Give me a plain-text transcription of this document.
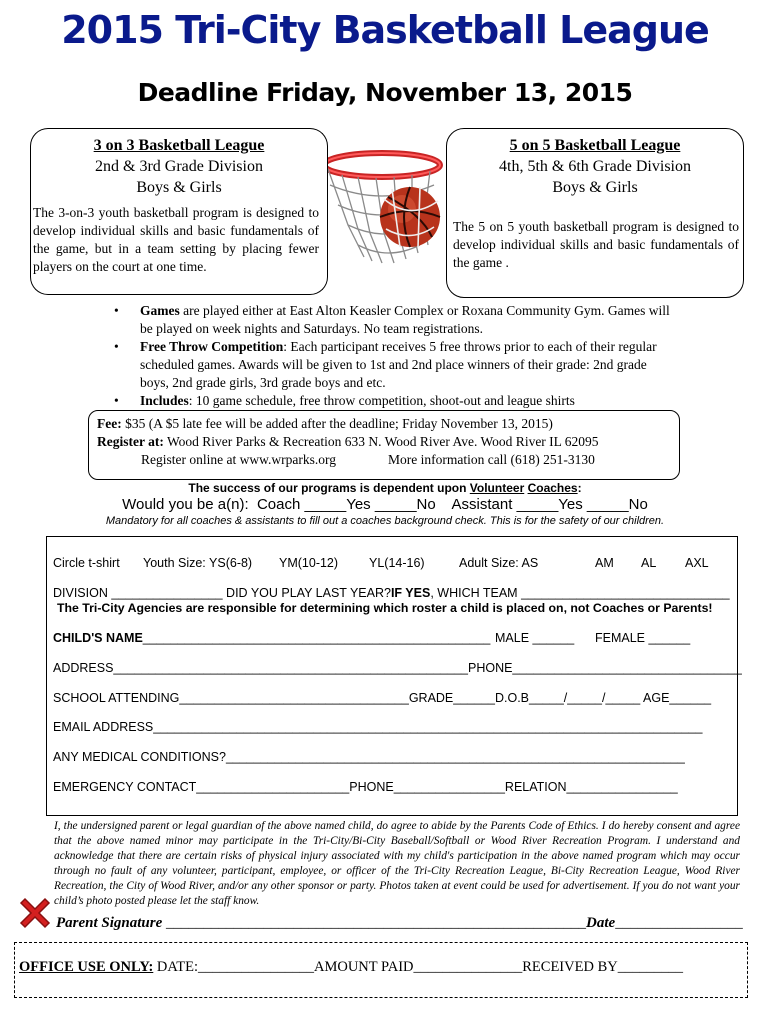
2015 Tri-City Basketball League
Deadline Friday, November 13, 2015
3 on 3 Basketball League
2nd & 3rd Grade Division
Boys & Girls
The 3-on-3 youth basketball program is designed to develop individual skills and basic fundamentals of the game, but in a team setting by placing fewer players on the court at one time.
5 on 5 Basketball League
4th, 5th & 6th Grade Division
Boys & Girls
The 5 on 5 youth basketball program is designed to develop individual skills and basic fundamentals of the game .
• Games are played either at East Alton Keasler Complex or Roxana Community Gym. Games will be played on week nights and Saturdays. No team registrations.
• Free Throw Competition: Each participant receives 5 free throws prior to each of their regular scheduled games. Awards will be given to 1st and 2nd place winners of their grade: 2nd grade boys, 2nd grade girls, 3rd grade boys and etc.
• Includes: 10 game schedule, free throw competition, shoot-out and league shirts
Fee: $35 (A $5 late fee will be added after the deadline; Friday November 13, 2015)
Register at: Wood River Parks & Recreation 633 N. Wood River Ave. Wood River IL 62095
Register online at www.wrparks.org	More information call (618) 251-3130
The success of our programs is dependent upon Volunteer Coaches:
Would you be a(n):  Coach _____Yes _____No    Assistant _____Yes _____No
Mandatory for all coaches & assistants to fill out a coaches background check. This is for the safety of our children.
Circle t-shirt Youth Size: YS(6-8) YM(10-12) YL(14-16)	Adult Size: AS	AM AL AXL
DIVISION ________________ DID YOU PLAY LAST YEAR?IF YES, WHICH TEAM ______________________________
The Tri-City Agencies are responsible for determining which roster a child is placed on, not Coaches or Parents!
CHILD'S NAME__________________________________________________ MALE ______ FEMALE ______
ADDRESS___________________________________________________PHONE_________________________________
SCHOOL ATTENDING_________________________________GRADE______D.O.B_____/_____/_____ AGE______
EMAIL ADDRESS_______________________________________________________________________________
ANY MEDICAL CONDITIONS?__________________________________________________________________
EMERGENCY CONTACT______________________PHONE________________RELATION________________
I, the undersigned parent or legal guardian of the above named child, do agree to abide by the Parents Code of Ethics. I do hereby consent and agree that the above named minor may participate in the Tri-City/Bi-City Baseball/Softball or Wood River Recreation Program. I understand and acknowledge that there are certain risks of physical injury associated with my child's participation in the above named program which may occur through no fault of any volunteer, participant, employee, or officer of the Tri-City Recreation League, Bi-City Recreation League, Wood River Recreation, the City of Wood River, and/or any other sponsor or party. Photos taken at event could be used for advertisement. If you do not want your child’s photo posted please let the staff know.
Parent Signature ________________________________________________________Date_________________
OFFICE USE ONLY: DATE:________________AMOUNT PAID_______________RECEIVED BY_________
